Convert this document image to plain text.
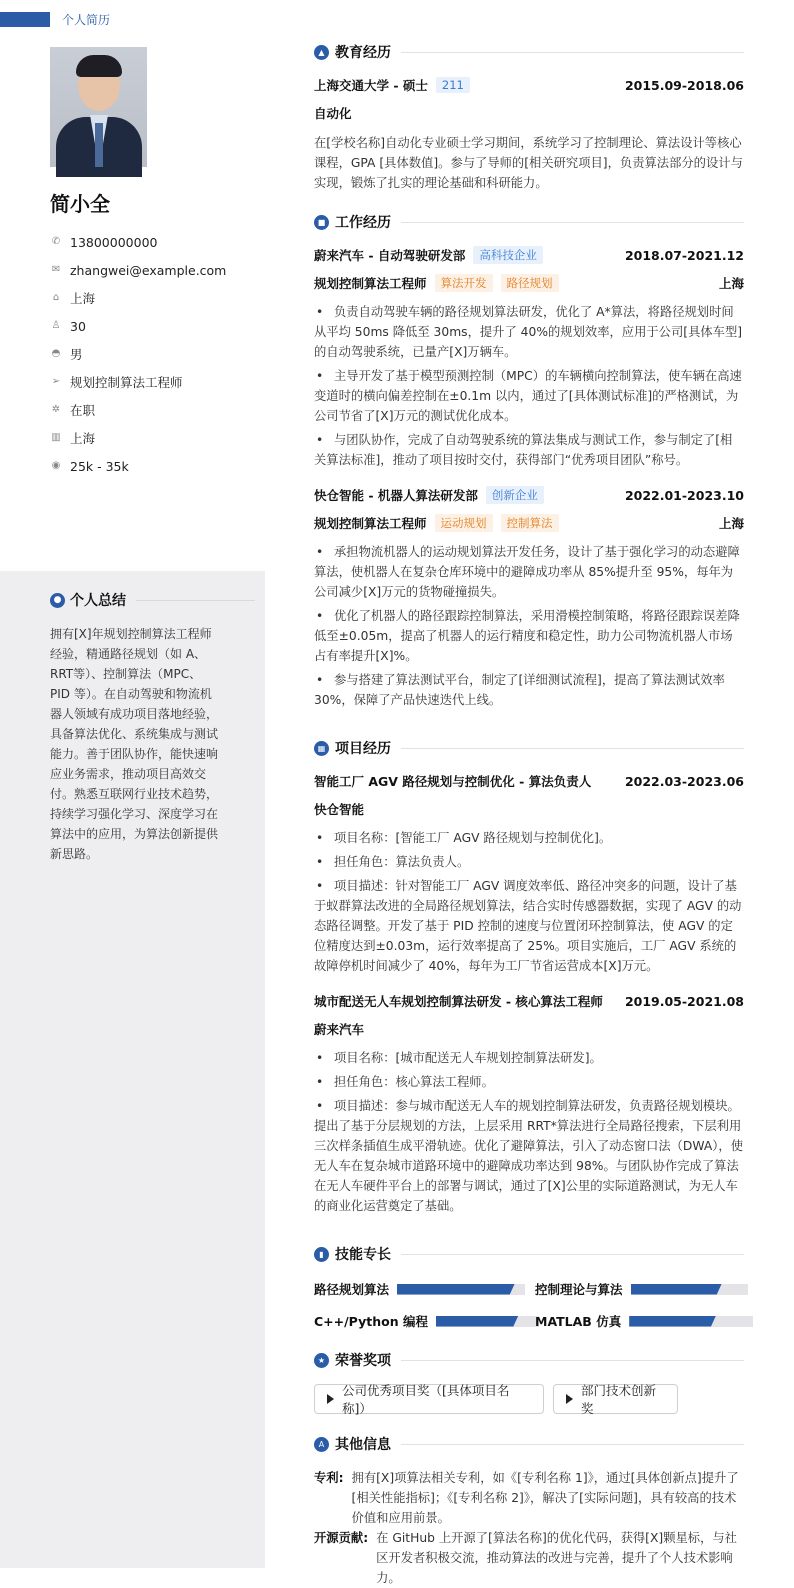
个人简历
简小全
✆ 13800000000
✉ zhangwei@example.com
⌂ 上海
♙ 30
◓ 男
➢ 规划控制算法工程师
✲ 在职
▥ 上海
◉ 25k - 35k
● 个人总结
拥有[X]年规划控制算法工程师经验，精通路径规划（如 A、RRT等）、控制算法（MPC、PID 等）。在自动驾驶和物流机器人领域有成功项目落地经验，具备算法优化、系统集成与测试能力。善于团队协作，能快速响应业务需求，推动项目高效交付。熟悉互联网行业技术趋势，持续学习强化学习、深度学习在算法中的应用，为算法创新提供新思路。
▲ 教育经历
上海交通大学 - 硕士	211	2015.09-2018.06
自动化
在[学校名称]自动化专业硕士学习期间，系统学习了控制理论、算法设计等核心课程，GPA [具体数值]。参与了导师的[相关研究项目]，负责算法部分的设计与实现，锻炼了扎实的理论基础和科研能力。
■ 工作经历
蔚来汽车 - 自动驾驶研发部	高科技企业	2018.07-2021.12
规划控制算法工程师	算法开发	路径规划	上海
• 负责自动驾驶车辆的路径规划算法研发，优化了 A*算法，将路径规划时间从平均 50ms 降低至 30ms，提升了 40%的规划效率，应用于公司[具体车型]的自动驾驶系统，已量产[X]万辆车。
• 主导开发了基于模型预测控制（MPC）的车辆横向控制算法，使车辆在高速变道时的横向偏差控制在±0.1m 以内，通过了[具体测试标准]的严格测试，为公司节省了[X]万元的测试优化成本。
• 与团队协作，完成了自动驾驶系统的算法集成与测试工作，参与制定了[相关算法标准]，推动了项目按时交付，获得部门“优秀项目团队”称号。
快仓智能 - 机器人算法研发部	创新企业	2022.01-2023.10
规划控制算法工程师	运动规划	控制算法	上海
• 承担物流机器人的运动规划算法开发任务，设计了基于强化学习的动态避障算法，使机器人在复杂仓库环境中的避障成功率从 85%提升至 95%，每年为公司减少[X]万元的货物碰撞损失。
• 优化了机器人的路径跟踪控制算法，采用滑模控制策略，将路径跟踪误差降低至±0.05m，提高了机器人的运行精度和稳定性，助力公司物流机器人市场占有率提升[X]%。
• 参与搭建了算法测试平台，制定了[详细测试流程]，提高了算法测试效率 30%，保障了产品快速迭代上线。
▦ 项目经历
智能工厂 AGV 路径规划与控制优化 - 算法负责人	2022.03-2023.06
快仓智能
• 项目名称：[智能工厂 AGV 路径规划与控制优化]。
• 担任角色：算法负责人。
• 项目描述：针对智能工厂 AGV 调度效率低、路径冲突多的问题，设计了基于蚁群算法改进的全局路径规划算法，结合实时传感器数据，实现了 AGV 的动态路径调整。开发了基于 PID 控制的速度与位置闭环控制算法，使 AGV 的定位精度达到±0.03m，运行效率提高了 25%。项目实施后，工厂 AGV 系统的故障停机时间减少了 40%，每年为工厂节省运营成本[X]万元。
城市配送无人车规划控制算法研发 - 核心算法工程师 2019.05-2021.08
蔚来汽车
• 项目名称：[城市配送无人车规划控制算法研发]。
• 担任角色：核心算法工程师。
• 项目描述：参与城市配送无人车的规划控制算法研发，负责路径规划模块。提出了基于分层规划的方法，上层采用 RRT*算法进行全局路径搜索，下层利用三次样条插值生成平滑轨迹。优化了避障算法，引入了动态窗口法（DWA），使无人车在复杂城市道路环境中的避障成功率达到 98%。与团队协作完成了算法在无人车硬件平台上的部署与调试，通过了[X]公里的实际道路测试，为无人车的商业化运营奠定了基础。
▮ 技能专长
路径规划算法	控制理论与算法
C++/Python 编程	MATLAB 仿真
★ 荣誉奖项
公司优秀项目奖（[具体项目名称]）
部门技术创新奖
A 其他信息
专利: 拥有[X]项算法相关专利，如《[专利名称 1]》，通过[具体创新点]提升了[相关性能指标]；《[专利名称 2]》，解决了[实际问题]，具有较高的技术价值和应用前景。
开源贡献: 在 GitHub 上开源了[算法名称]的优化代码，获得[X]颗星标，与社区开发者积极交流，推动算法的改进与完善，提升了个人技术影响力。
